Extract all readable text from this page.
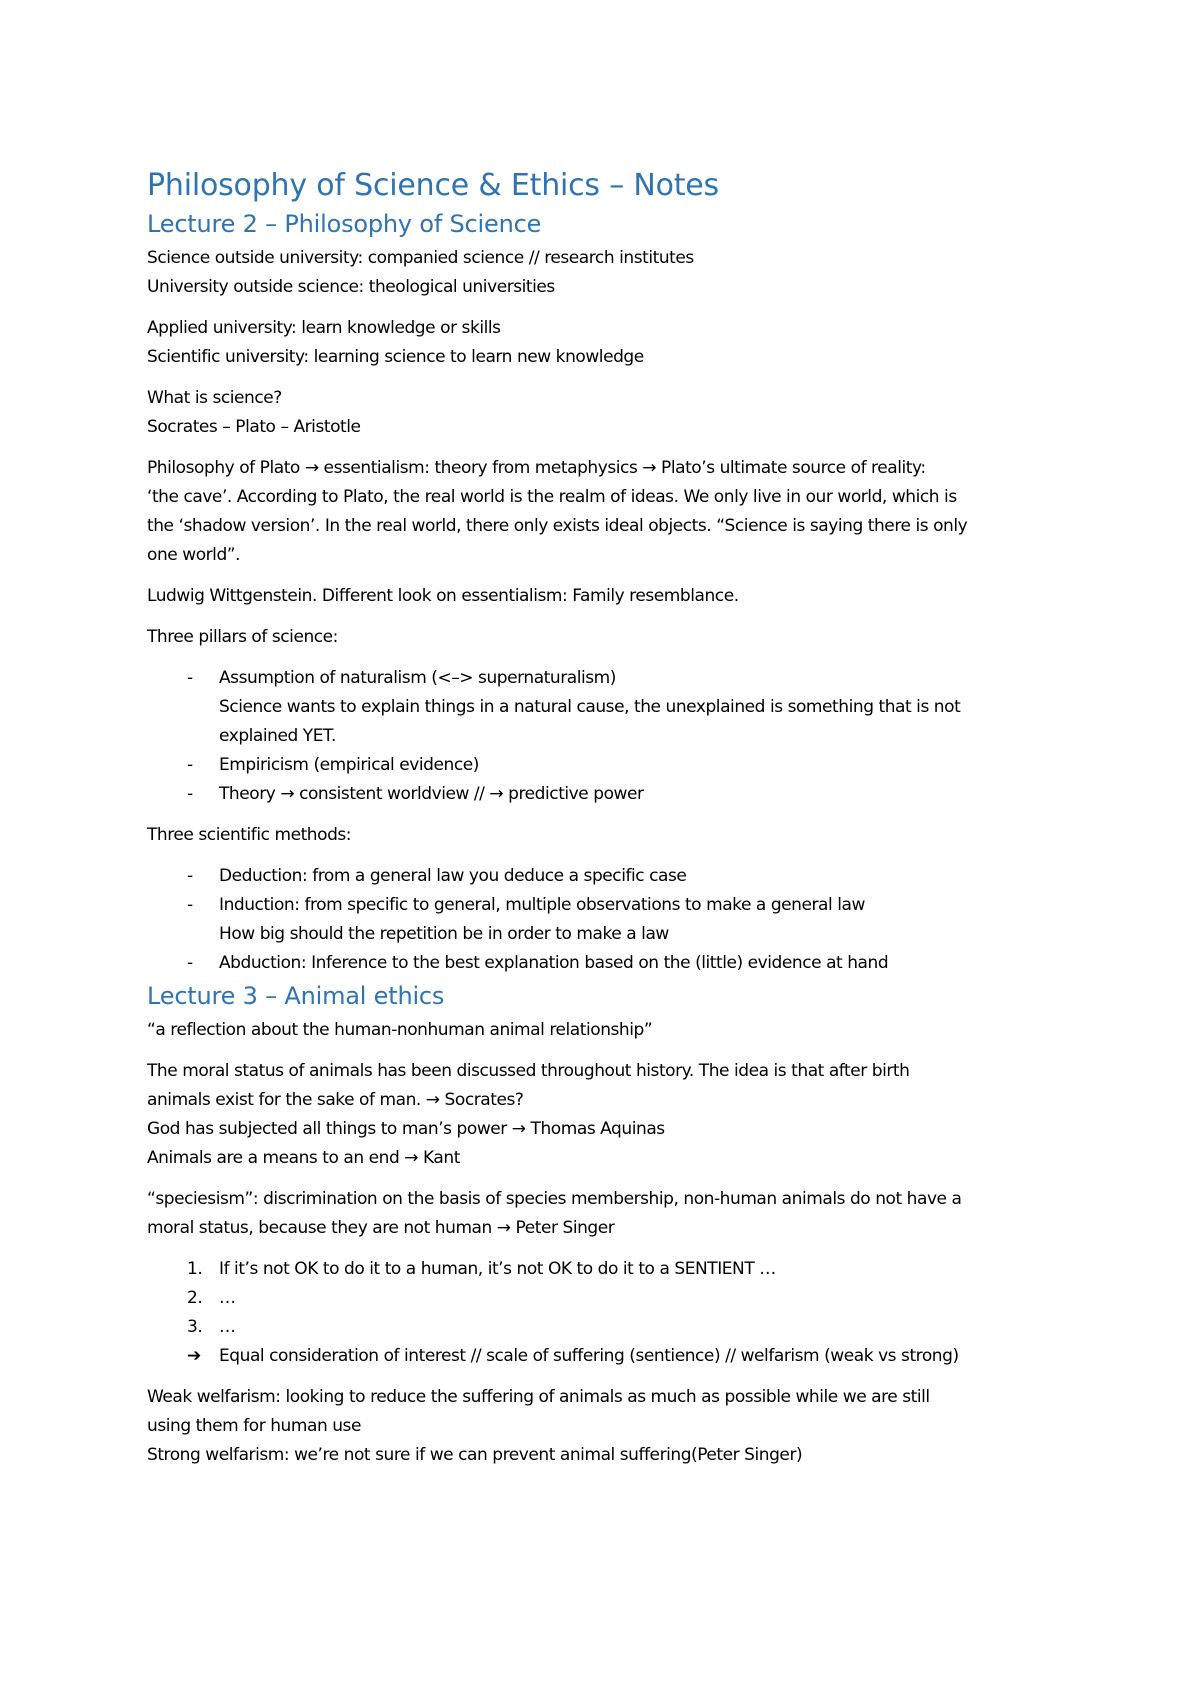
Philosophy of Science & Ethics – Notes
Lecture 2 – Philosophy of Science

Science outside university: companied science // research institutes

University outside science: theological universities

Applied university: learn knowledge or skills

Scientific university: learning science to learn new knowledge

What is science?

Socrates – Plato – Aristotle

Philosophy of Plato → essentialism: theory from metaphysics → Plato’s ultimate source of reality:

‘the cave’. According to Plato, the real world is the realm of ideas. We only live in our world, which is

the ‘shadow version’. In the real world, there only exists ideal objects. “Science is saying there is only

one world”.

Ludwig Wittgenstein. Different look on essentialism: Family resemblance.

Three pillars of science:

- Assumption of naturalism (<–> supernaturalism)
Science wants to explain things in a natural cause, the unexplained is something that is not
explained YET.
- Empiricism (empirical evidence)
- Theory → consistent worldview // → predictive power

Three scientific methods:

- Deduction: from a general law you deduce a specific case
- Induction: from specific to general, multiple observations to make a general law
How big should the repetition be in order to make a law
- Abduction: Inference to the best explanation based on the (little) evidence at hand
Lecture 3 – Animal ethics

“a reflection about the human-nonhuman animal relationship”

The moral status of animals has been discussed throughout history. The idea is that after birth

animals exist for the sake of man. → Socrates?

God has subjected all things to man’s power → Thomas Aquinas

Animals are a means to an end → Kant

“speciesism”: discrimination on the basis of species membership, non-human animals do not have a

moral status, because they are not human → Peter Singer

1. If it’s not OK to do it to a human, it’s not OK to do it to a SENTIENT …
2. …
3. …
➔ Equal consideration of interest // scale of suffering (sentience) // welfarism (weak vs strong)

Weak welfarism: looking to reduce the suffering of animals as much as possible while we are still

using them for human use

Strong welfarism: we’re not sure if we can prevent animal suffering(Peter Singer)
